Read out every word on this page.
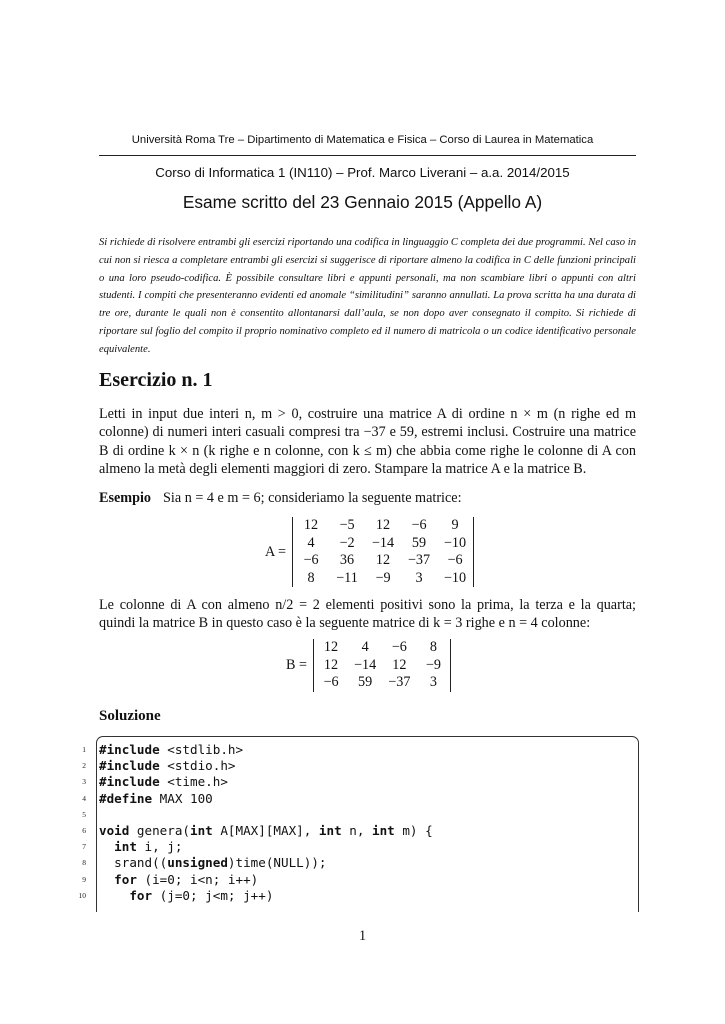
Università Roma Tre – Dipartimento di Matematica e Fisica – Corso di Laurea in Matematica
Corso di Informatica 1 (IN110) – Prof. Marco Liverani – a.a. 2014/2015
Esame scritto del 23 Gennaio 2015 (Appello A)

Si richiede di risolvere entrambi gli esercizi riportando una codifica in linguaggio C completa dei due programmi. Nel caso in cui non si riesca a completare entrambi gli esercizi si suggerisce di riportare almeno la codifica in C delle funzioni principali o una loro pseudo-codifica. È possibile consultare libri e appunti personali, ma non scambiare libri o appunti con altri studenti. I compiti che presenteranno evidenti ed anomale “similitudini” saranno annullati. La prova scritta ha una durata di tre ore, durante le quali non è consentito allontanarsi dall’aula, se non dopo aver consegnato il compito. Si richiede di riportare sul foglio del compito il proprio nominativo completo ed il numero di matricola o un codice identificativo personale equivalente.

Esercizio n. 1

Letti in input due interi n, m > 0, costruire una matrice A di ordine n × m (n righe ed m colonne) di numeri interi casuali compresi tra −37 e 59, estremi inclusi. Costruire una matrice B di ordine k × n (k righe e n colonne, con k ≤ m) che abbia come righe le colonne di A con almeno la metà degli elementi maggiori di zero. Stampare la matrice A e la matrice B.

Esempio Sia n = 4 e m = 6; consideriamo la seguente matrice:
A =
12	−5	12	−6	9
4	−2	−14	59	−10
−6	36	12	−37	−6
8	−11	−9	3	−10

Le colonne di A con almeno n/2 = 2 elementi positivi sono la prima, la terza e la quarta; quindi la matrice B in questo caso è la seguente matrice di k = 3 righe e n = 4 colonne:

B =
12	4	−6	8
12	−14	12	−9
−6	59	−37	3
Soluzione
1 #include <stdlib.h>
2 #include <stdio.h>
3 #include <time.h>
4 #define MAX 100
5
6 void genera(int A[MAX][MAX], int n, int m) {
7	int i, j;
8 srand((unsigned)time(NULL));
9	for (i=0; i<n; i++)
10	for (j=0; j<m; j++)
1
